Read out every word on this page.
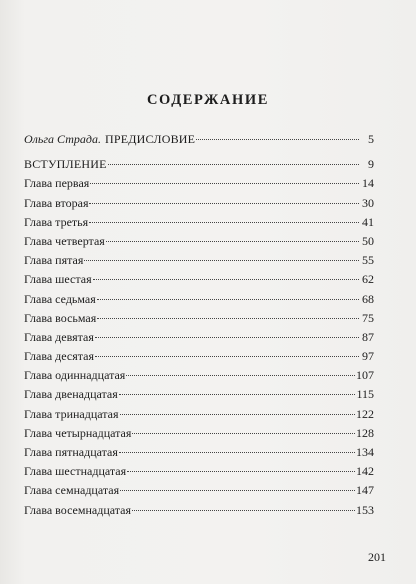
СОДЕРЖАНИЕ
Ольга Страда. ПРЕДИСЛОВИЕ	5
ВСТУПЛЕНИЕ	9
Глава первая	14
Глава вторая	30
Глава третья	41
Глава четвертая	50
Глава пятая	55
Глава шестая	62
Глава седьмая	68
Глава восьмая	75
Глава девятая	87
Глава десятая	97
Глава одиннадцатая	107
Глава двенадцатая	115
Глава тринадцатая	122
Глава четырнадцатая	128
Глава пятнадцатая	134
Глава шестнадцатая	142
Глава семнадцатая	147
Глава восемнадцатая	153
201
